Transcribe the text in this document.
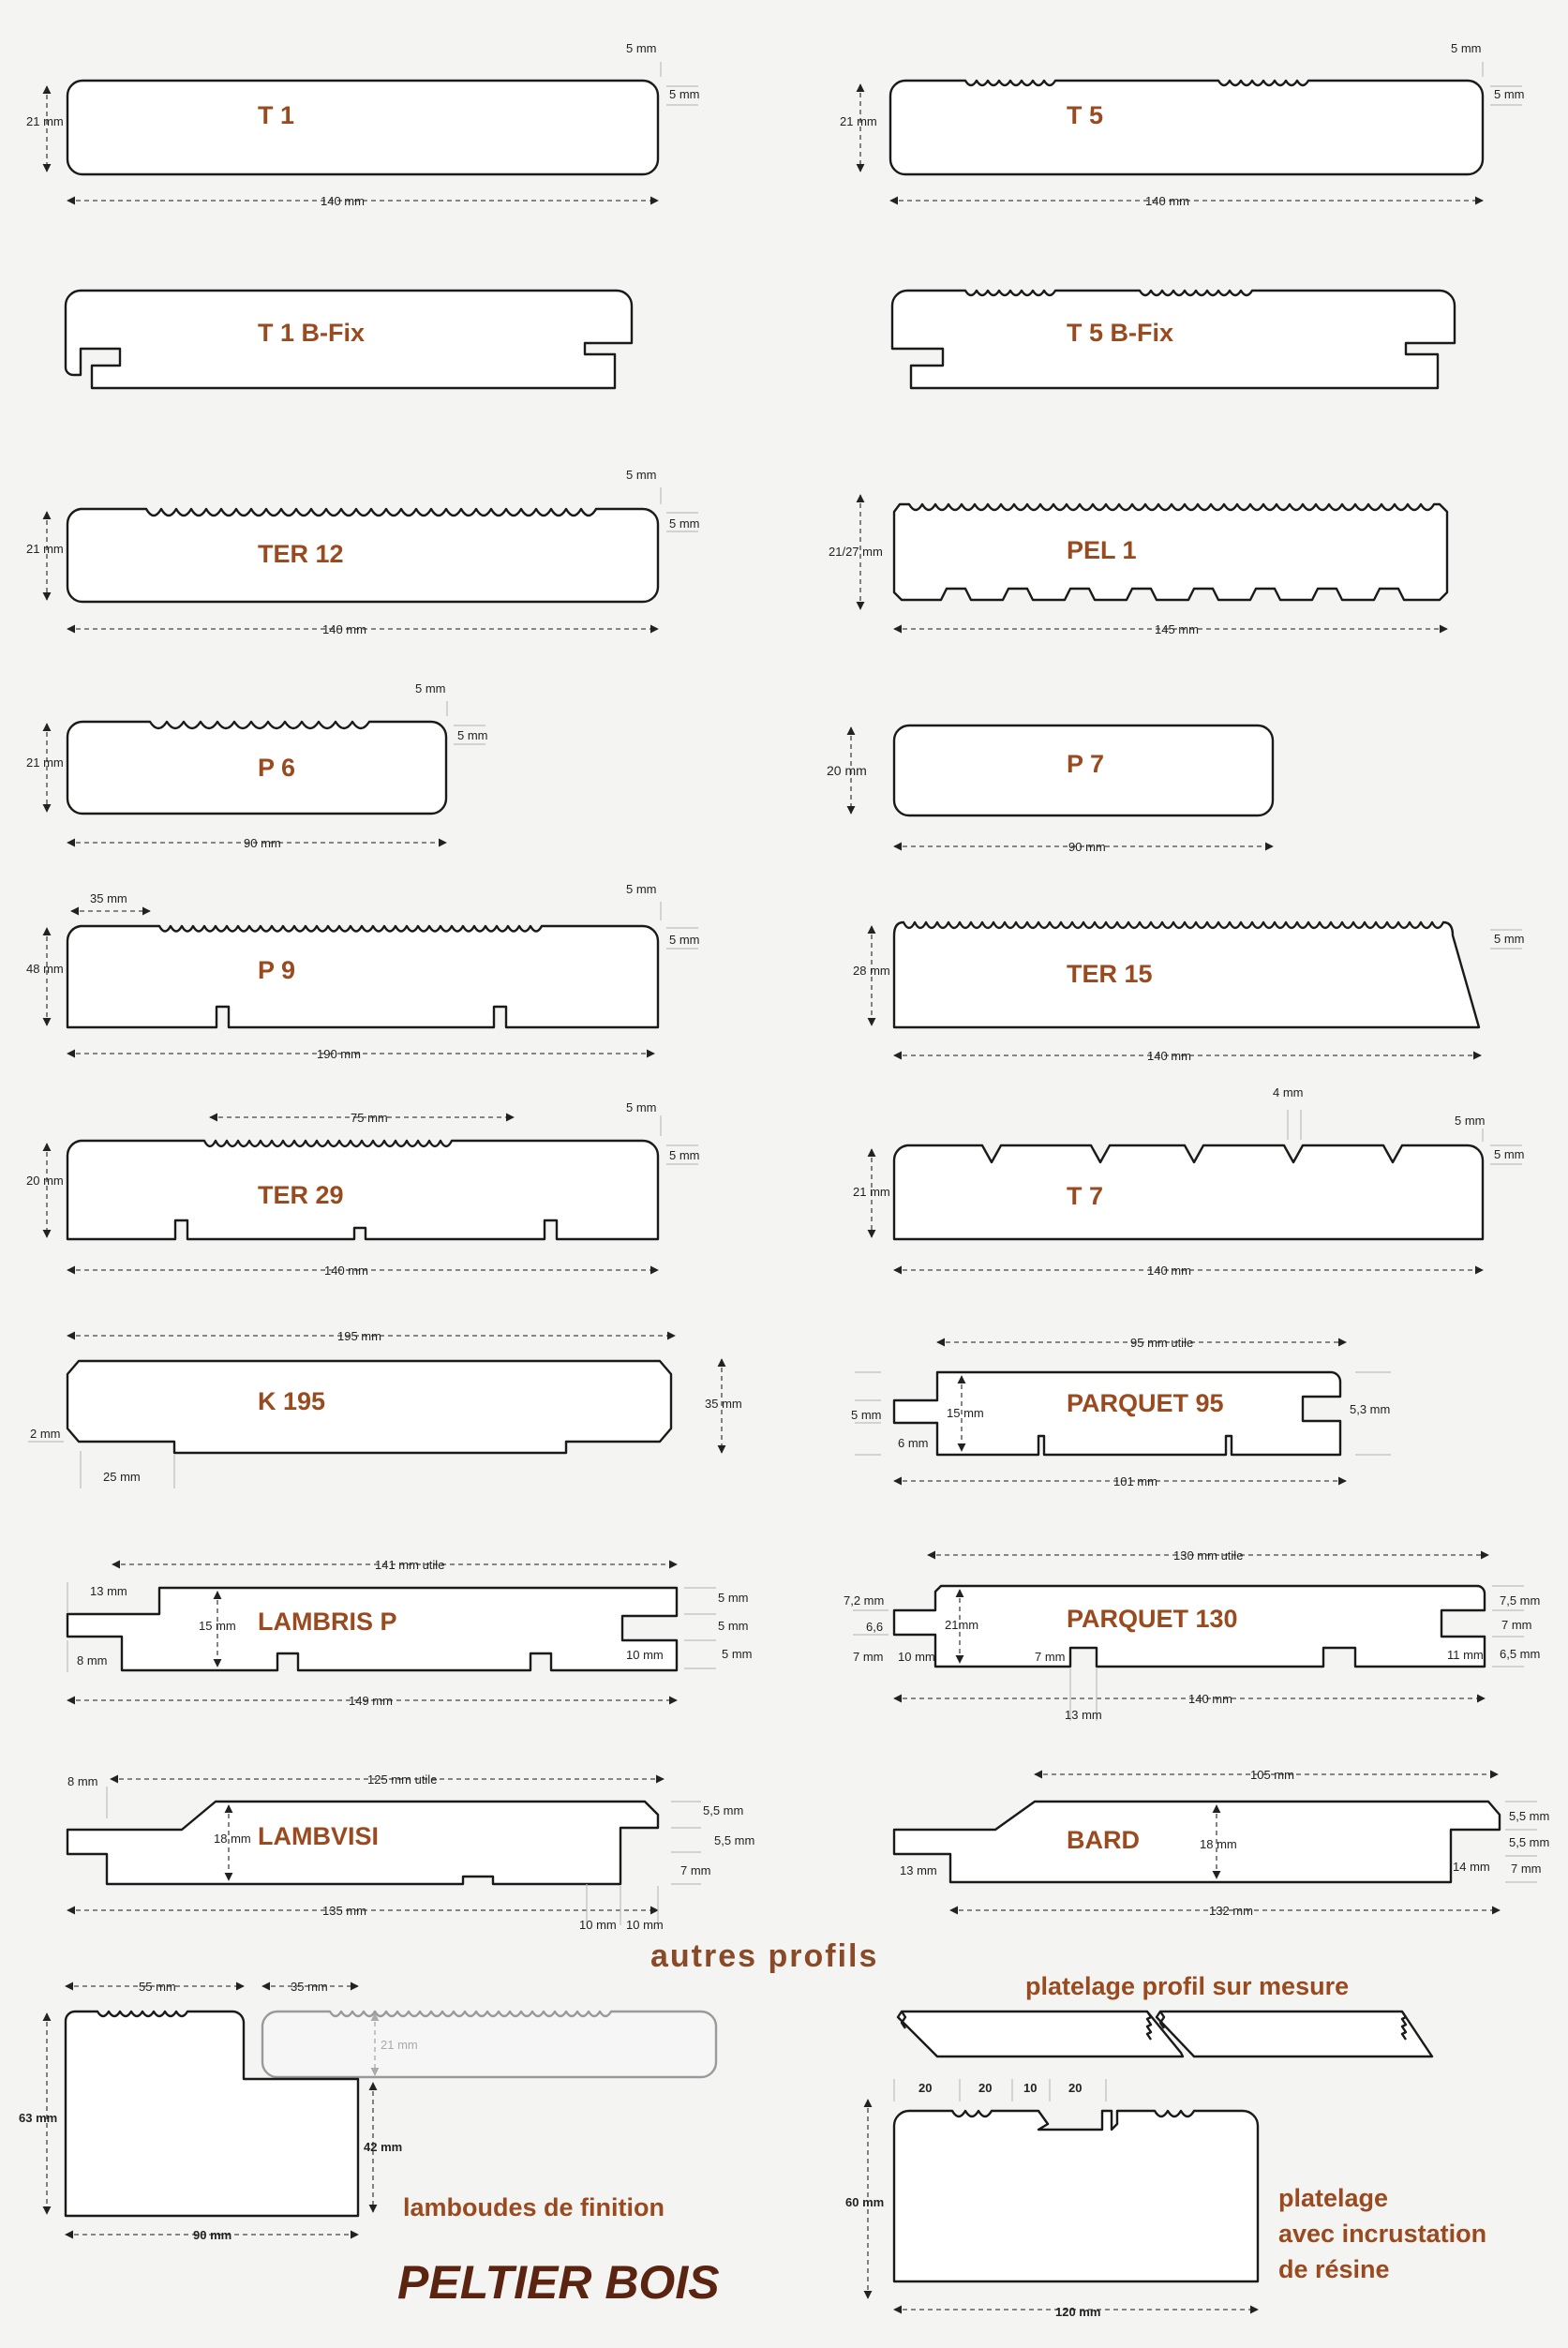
T 1
21 mm
140 mm
5 mm
5 mm
T 5
21 mm
140 mm
5 mm
5 mm
T 1 B-Fix	T 5 B-Fix
TER 12
21 mm
140 mm
5 mm
5 mm
PEL 1
21/27 mm
145 mm
P 6
21 mm
90 mm
5 mm
5 mm
P 7
20 mm
90 mm
P 9
48 mm
190 mm
35 mm
5 mm
5 mm
TER 15
28 mm
140 mm
5 mm
TER 29
20 mm
140 mm
75 mm
5 mm
5 mm
T 7
21 mm
140 mm
4 mm
5 mm
5 mm
K 195
195 mm
35 mm
2 mm
25 mm
PARQUET 95
95 mm utile
101 mm
15 mm
5 mm
6 mm
5,3 mm
LAMBRIS P
141 mm utile
149 mm
15 mm
13 mm
8 mm	10 mm
5 mm
5 mm
5 mm
PARQUET 130
130 mm utile
140 mm
21mm
7,2 mm
6,6
7 mm 10 mm	7 mm
13 mm
11 mm
7,5 mm
7 mm
6,5 mm
LAMBVISI
125 mm utile
135 mm
18 mm
8 mm
10 mm 10 mm
5,5 mm
5,5 mm
7 mm
BARD
105 mm
132 mm
18 mm
13 mm	14 mm
5,5 mm
5,5 mm
7 mm
autres profils
55 mm	35 mm
63 mm
21 mm
42 mm
90 mm
lamboudes de finition
platelage profil sur mesure
20	20	10	20
60 mm
120 mm
platelage
avec incrustation
de résine
PELTIER BOIS
